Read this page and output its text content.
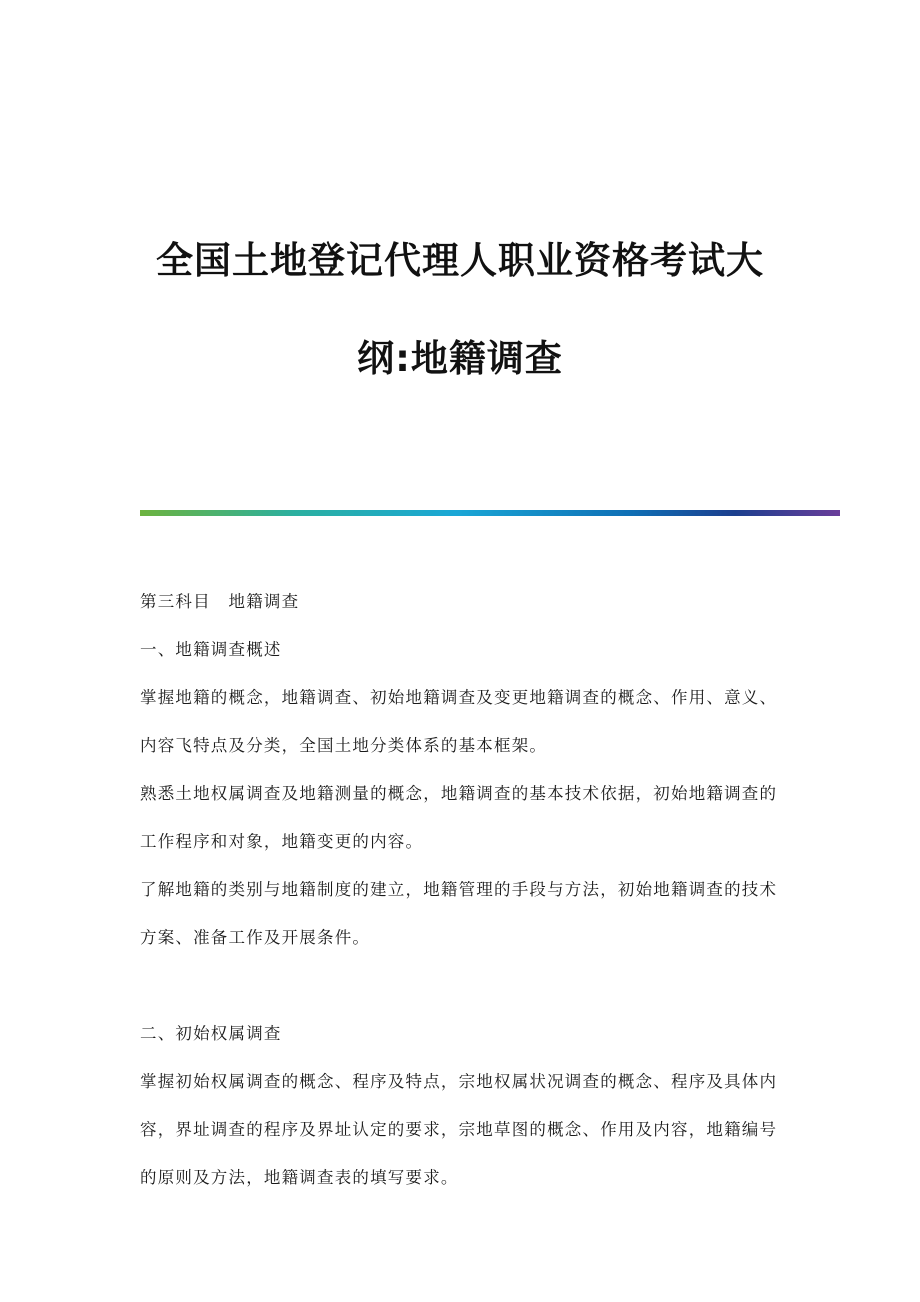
全国土地登记代理人职业资格考试大
纲:地籍调查

第三科目　地籍调查

一、地籍调查概述

掌握地籍的概念，地籍调查、初始地籍调查及变更地籍调查的概念、作用、意义、内容飞特点及分类，全国土地分类体系的基本框架。

熟悉土地权属调查及地籍测量的概念，地籍调查的基本技术依据，初始地籍调查的工作程序和对象，地籍变更的内容。

了解地籍的类别与地籍制度的建立，地籍管理的手段与方法，初始地籍调查的技术方案、准备工作及开展条件。

二、初始权属调查

掌握初始权属调查的概念、程序及特点，宗地权属状况调查的概念、程序及具体内容，界址调查的程序及界址认定的要求，宗地草图的概念、作用及内容，地籍编号的原则及方法，地籍调查表的填写要求。
